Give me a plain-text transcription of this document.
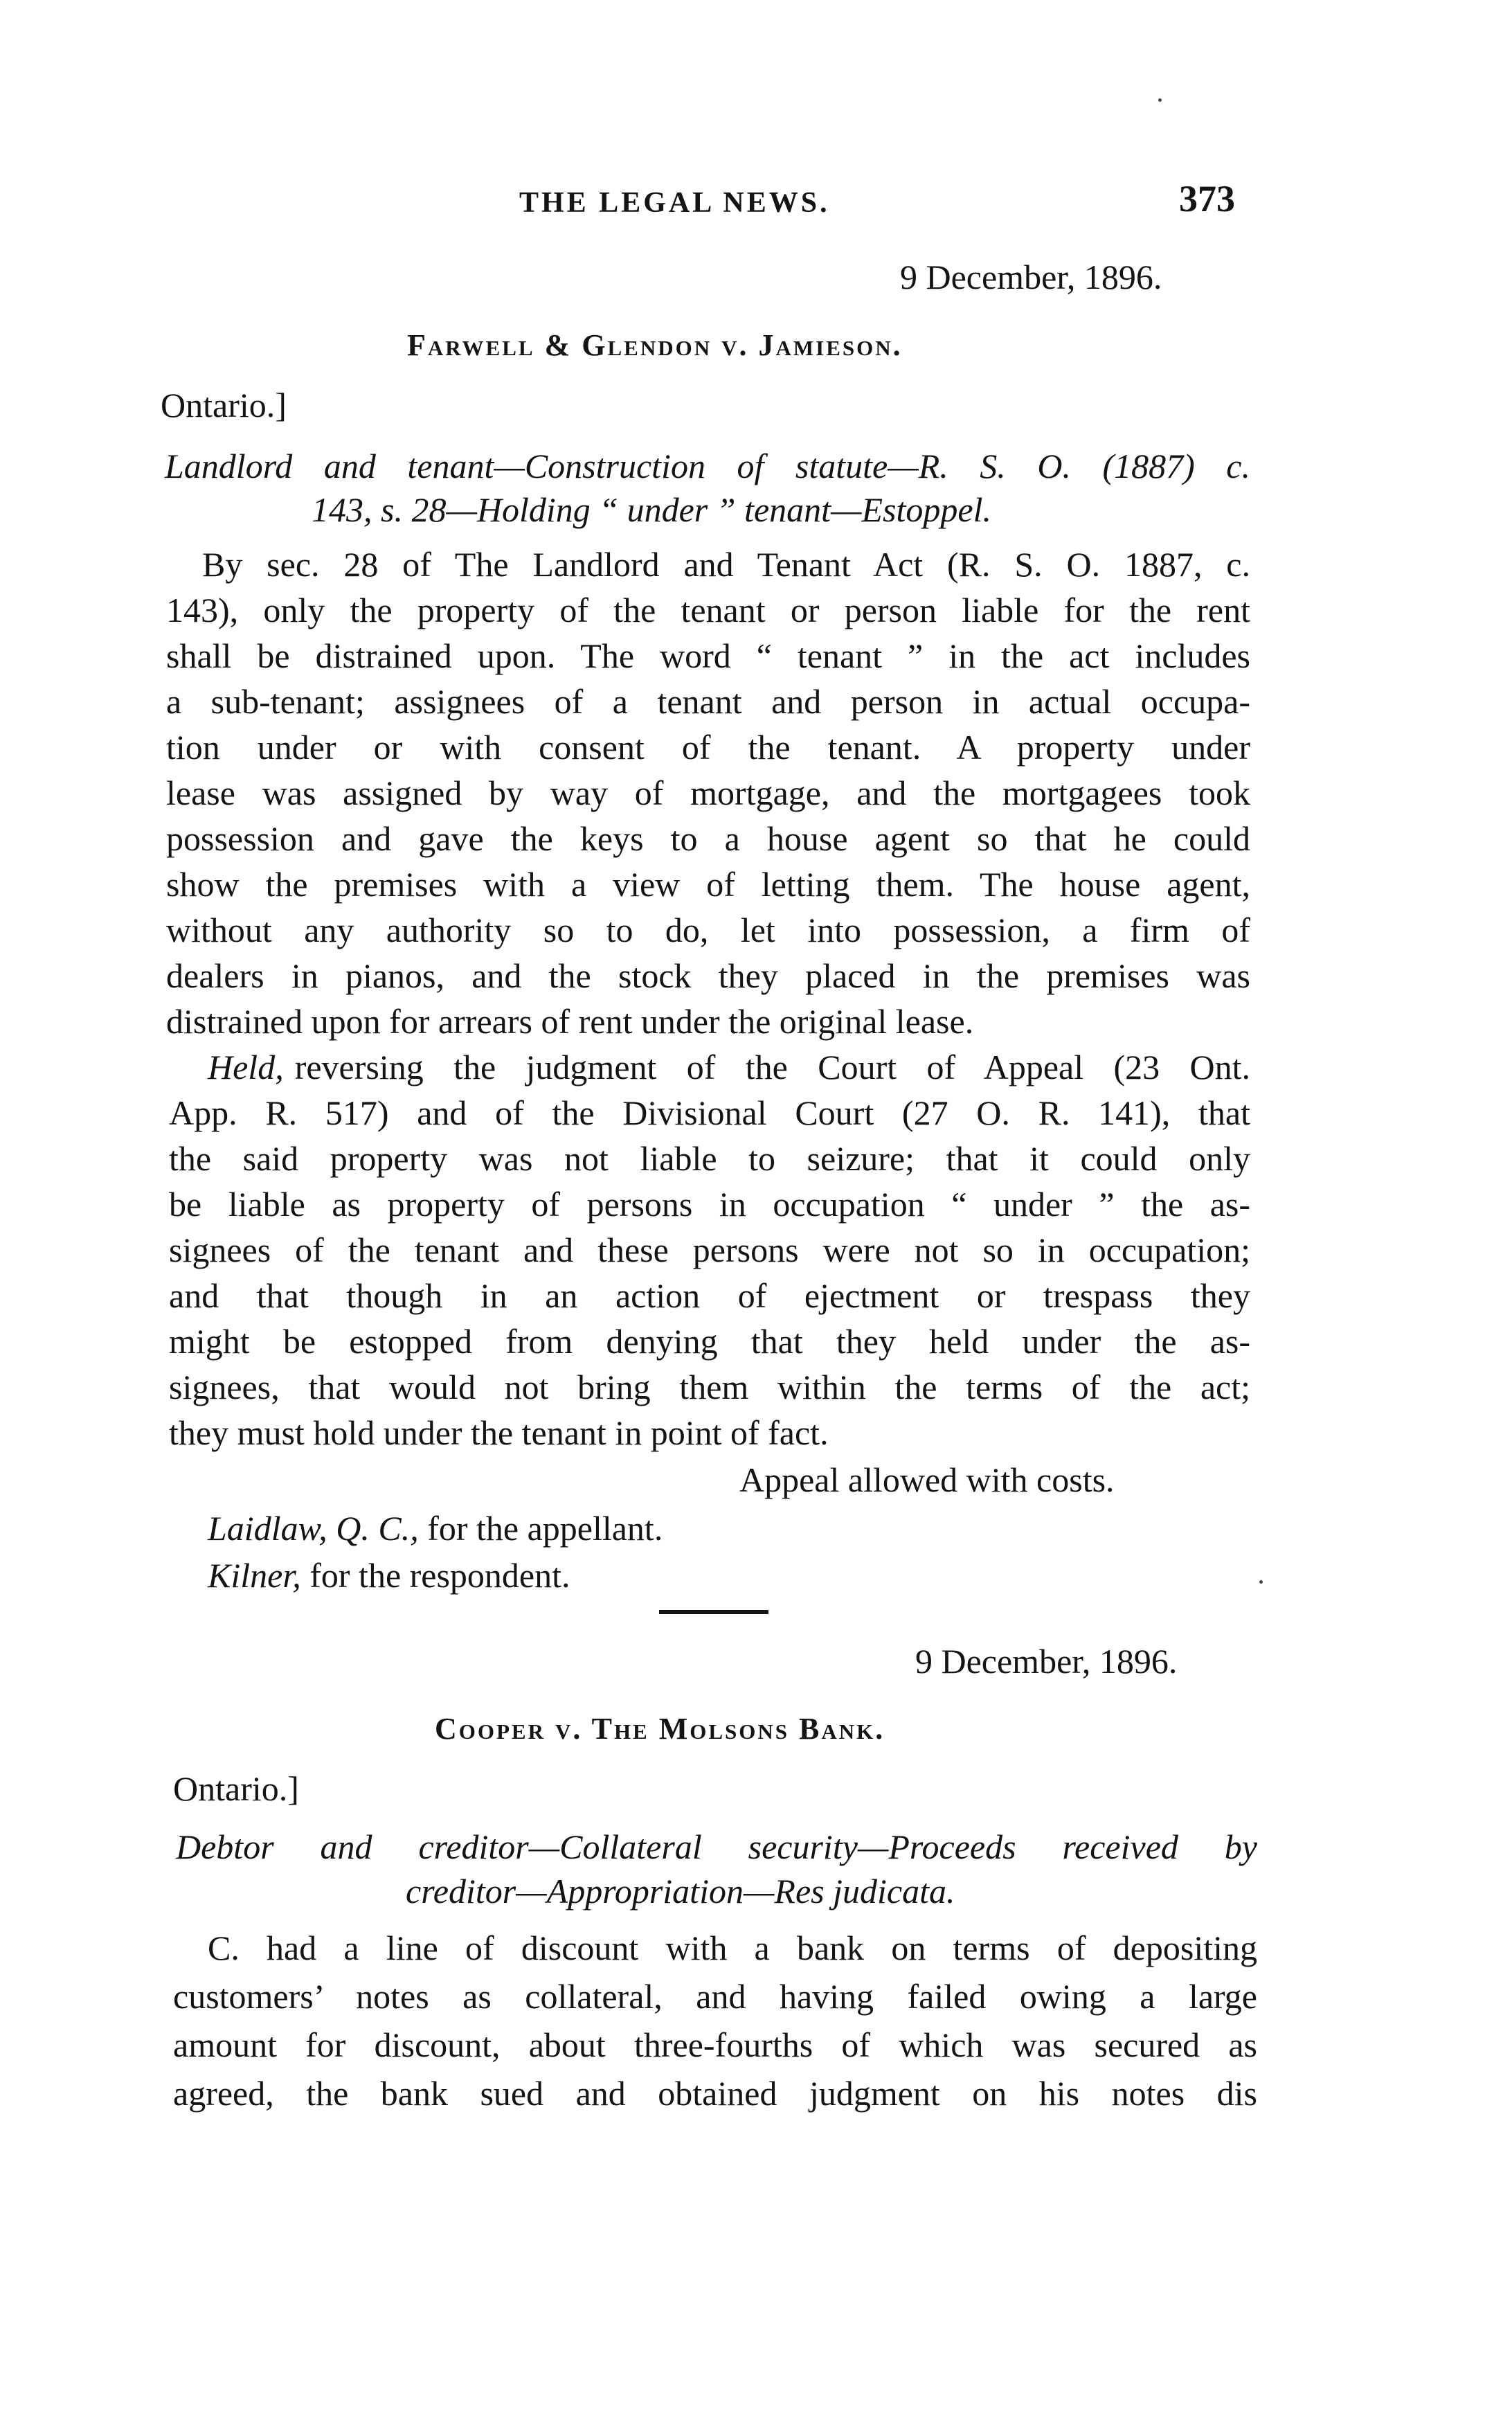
THE LEGAL NEWS.	373
9 December, 1896.
Farwell & Glendon v. Jamieson.
Ontario.]
Landlord and tenant—Construction of statute—R. S. O. (1887) c.
143, s. 28—Holding “ under ” tenant—Estoppel.
By sec. 28 of The Landlord and Tenant Act (R. S. O. 1887, c.
143), only the property of the tenant or person liable for the rent
shall be distrained upon. The word “ tenant ” in the act includes
a sub-tenant; assignees of a tenant and person in actual occupa-
tion under or with consent of the tenant. A property under
lease was assigned by way of mortgage, and the mortgagees took
possession and gave the keys to a house agent so that he could
show the premises with a view of letting them. The house agent,
without any authority so to do, let into possession, a firm of
dealers in pianos, and the stock they placed in the premises was
distrained upon for arrears of rent under the original lease.
Held, reversing the judgment of the Court of Appeal (23 Ont.
App. R. 517) and of the Divisional Court (27 O. R. 141), that
the said property was not liable to seizure; that it could only
be liable as property of persons in occupation “ under ” the as-
signees of the tenant and these persons were not so in occupation;
and that though in an action of ejectment or trespass they
might be estopped from denying that they held under the as-
signees, that would not bring them within the terms of the act;
they must hold under the tenant in point of fact.
Appeal allowed with costs.
Laidlaw, Q. C., for the appellant.
Kilner, for the respondent.
9 December, 1896.
Cooper v. The Molsons Bank.
Ontario.]
Debtor and creditor—Collateral security—Proceeds received by
creditor—Appropriation—Res judicata.
C. had a line of discount with a bank on terms of depositing
customers’ notes as collateral, and having failed owing a large
amount for discount, about three-fourths of which was secured as
agreed, the bank sued and obtained judgment on his notes dis
